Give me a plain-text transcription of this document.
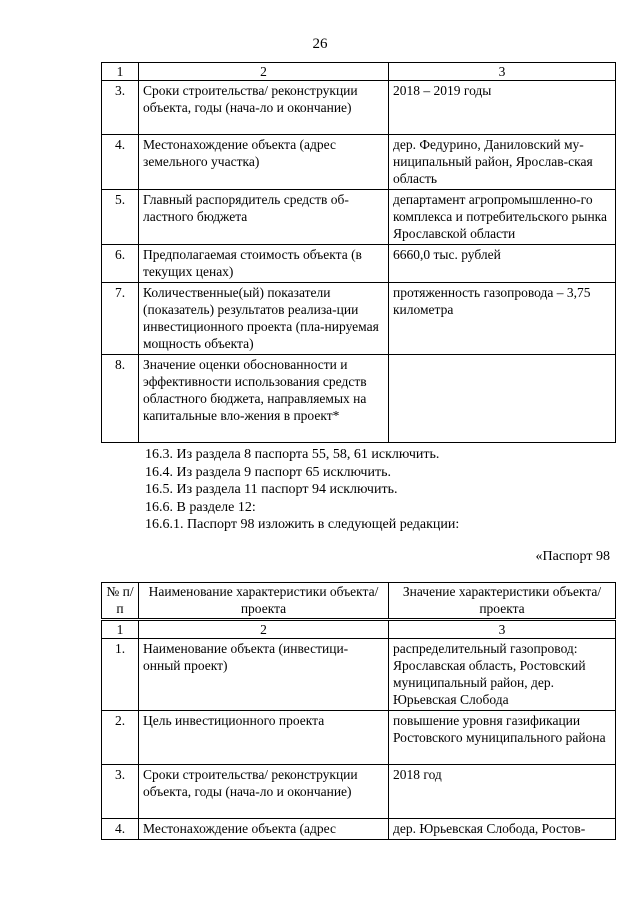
26
1	2	3
3.	Сроки строительства/ реконструкции объекта, годы (нача-ло и окончание)	2018 – 2019 годы
4.	Местонахождение объекта (адрес земельного участка)	дер. Федурино, Даниловский му-ниципальный район, Ярослав-ская область
5.	Главный распорядитель средств об-ластного бюджета	департамент агропромышленно-го комплекса и потребительского рынка Ярославской области
6.	Предполагаемая стоимость объекта (в текущих ценах)	6660,0 тыс. рублей
7.	Количественные(ый) показатели (показатель) результатов реализа-ции инвестиционного проекта (пла-нируемая мощность объекта)	протяженность газопровода – 3,75 километра
8.	Значение оценки обоснованности и эффективности использования средств областного бюджета, направляемых на капитальные вло-жения в проект*	
16.3. Из раздела 8 паспорта 55, 58, 61 исключить.
16.4. Из раздела 9 паспорт 65 исключить.
16.5. Из раздела 11 паспорт 94 исключить.
16.6. В разделе 12:
16.6.1. Паспорт 98 изложить в следующей редакции:
«Паспорт 98
№ п/п	Наименование характеристики объекта/проекта	Значение характеристики объекта/проекта
1	2	3
1.	Наименование объекта (инвестици-онный проект)	распределительный газопровод: Ярославская область, Ростовский муниципальный район, дер. Юрьевская Слобода
2.	Цель инвестиционного проекта	повышение уровня газификации Ростовского муниципального района
3.	Сроки строительства/ реконструкции объекта, годы (нача-ло и окончание)	2018 год
4.	Местонахождение объекта (адрес	дер. Юрьевская Слобода, Ростов-
